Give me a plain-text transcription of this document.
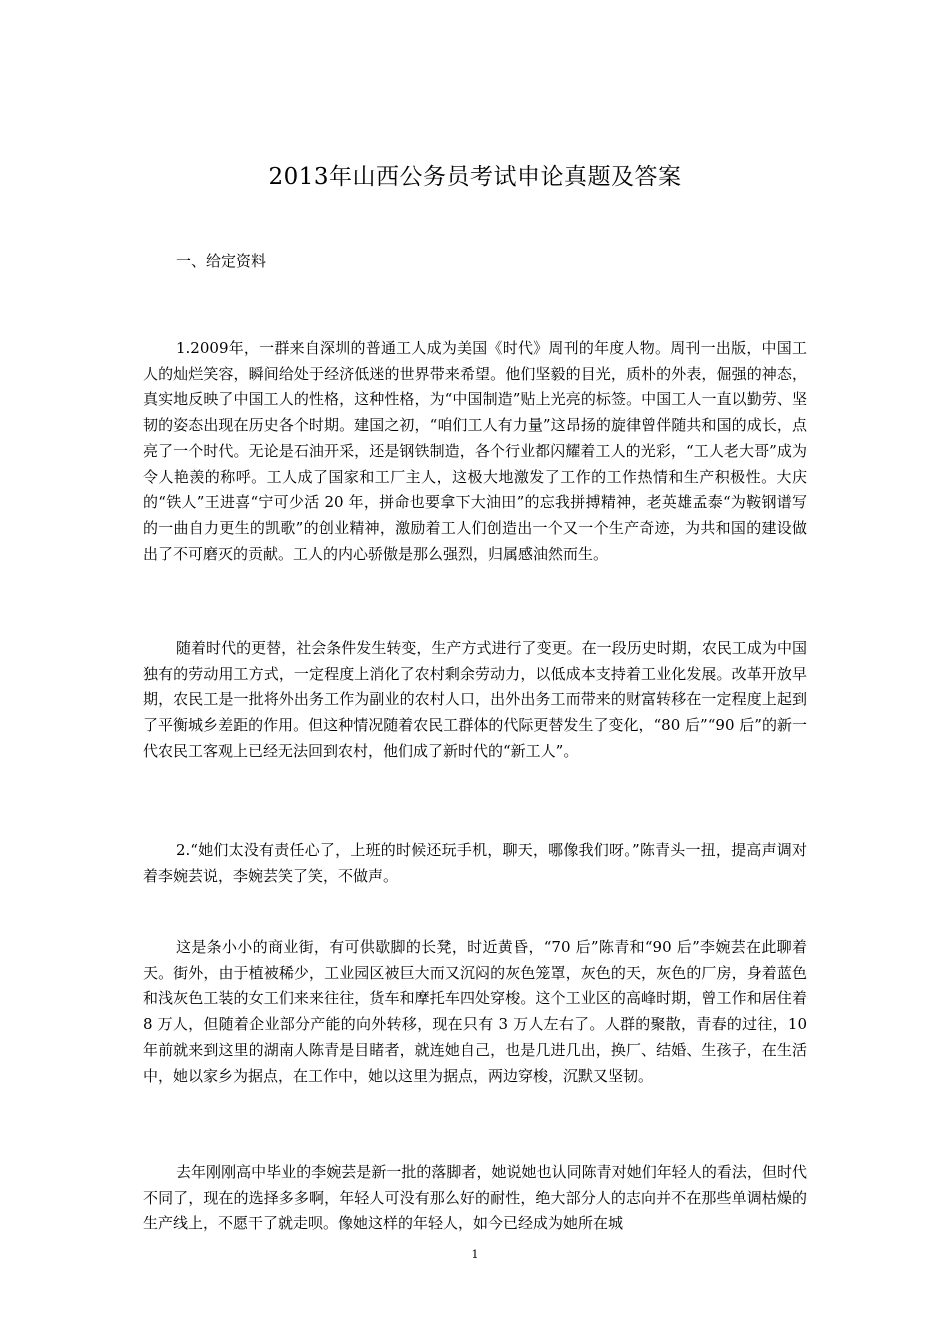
2013年山西公务员考试申论真题及答案
一、给定资料

1.2009年，一群来自深圳的普通工人成为美国《时代》周刊的年度人物。周刊一出版，中国工人的灿烂笑容，瞬间给处于经济低迷的世界带来希望。他们坚毅的目光，质朴的外表，倔强的神态，真实地反映了中国工人的性格，这种性格，为“中国制造”贴上光亮的标签。中国工人一直以勤劳、坚韧的姿态出现在历史各个时期。建国之初，“咱们工人有力量”这昂扬的旋律曾伴随共和国的成长，点亮了一个时代。无论是石油开采，还是钢铁制造，各个行业都闪耀着工人的光彩，“工人老大哥”成为令人艳羡的称呼。工人成了国家和工厂主人，这极大地激发了工作的工作热情和生产积极性。大庆的“铁人”王进喜“宁可少活 20 年，拼命也要拿下大油田”的忘我拼搏精神，老英雄孟泰“为鞍钢谱写的一曲自力更生的凯歌”的创业精神，激励着工人们创造出一个又一个生产奇迹，为共和国的建设做出了不可磨灭的贡献。工人的内心骄傲是那么强烈，归属感油然而生。

随着时代的更替，社会条件发生转变，生产方式进行了变更。在一段历史时期，农民工成为中国独有的劳动用工方式，一定程度上消化了农村剩余劳动力，以低成本支持着工业化发展。改革开放早期，农民工是一批将外出务工作为副业的农村人口，出外出务工而带来的财富转移在一定程度上起到了平衡城乡差距的作用。但这种情况随着农民工群体的代际更替发生了变化，“80 后”“90 后”的新一代农民工客观上已经无法回到农村，他们成了新时代的“新工人”。

2.“她们太没有责任心了，上班的时候还玩手机，聊天，哪像我们呀。”陈青头一扭，提高声调对着李婉芸说，李婉芸笑了笑，不做声。

这是条小小的商业街，有可供歇脚的长凳，时近黄昏，“70 后”陈青和“90 后”李婉芸在此聊着天。街外，由于植被稀少，工业园区被巨大而又沉闷的灰色笼罩，灰色的天，灰色的厂房，身着蓝色和浅灰色工装的女工们来来往往，货车和摩托车四处穿梭。这个工业区的高峰时期，曾工作和居住着 8 万人，但随着企业部分产能的向外转移，现在只有 3 万人左右了。人群的聚散，青春的过往，10 年前就来到这里的湖南人陈青是目睹者，就连她自己，也是几进几出，换厂、结婚、生孩子，在生活中，她以家乡为据点，在工作中，她以这里为据点，两边穿梭，沉默又坚韧。

去年刚刚高中毕业的李婉芸是新一批的落脚者，她说她也认同陈青对她们年轻人的看法，但时代不同了，现在的选择多多啊，年轻人可没有那么好的耐性，绝大部分人的志向并不在那些单调枯燥的生产线上，不愿干了就走呗。像她这样的年轻人，如今已经成为她所在城

1
